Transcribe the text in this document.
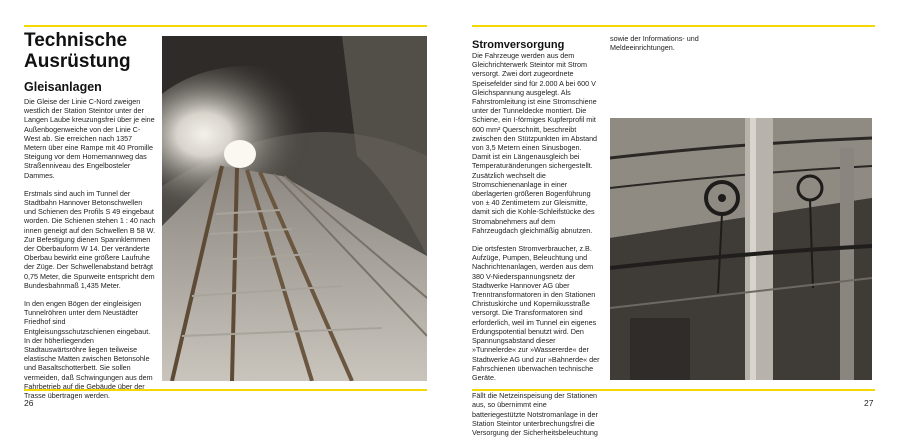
Technische Ausrüstung
Gleisanlagen

Die Gleise der Linie C-Nord zweigen westlich der Station Steintor unter der Langen Laube kreuzungsfrei über je eine Außenbogenweiche von der Linie C-West ab. Sie erreichen nach 1357 Metern über eine Rampe mit 40 Promille Steigung vor dem Hornemannweg das Straßenniveau des Engelbosteler Dammes.

Erstmals sind auch im Tunnel der Stadtbahn Hannover Betonschwellen und Schienen des Profils S 49 eingebaut worden. Die Schienen stehen 1 : 40 nach innen geneigt auf den Schwellen B 58 W. Zur Befestigung dienen Spannklemmen der Oberbauform W 14. Der veränderte Oberbau bewirkt eine größere Laufruhe der Züge. Der Schwellenabstand beträgt 0,75 Meter, die Spurweite entspricht dem Bundesbahnmaß 1,435 Meter.

In den engen Bögen der eingleisigen Tunnelröhren unter dem Neustädter Friedhof sind Entgleisungsschutzschienen eingebaut. In der höherliegenden Stadtauswärtsröhre liegen teilweise elastische Matten zwischen Betonsohle und Basaltschotterbett. Sie sollen vermeiden, daß Schwingungen aus dem Fahrbetrieb auf die Gebäude über der Trasse übertragen werden.

26
Stromversorgung

Die Fahrzeuge werden aus dem Gleichrichterwerk Steintor mit Strom versorgt. Zwei dort zugeordnete Speisefelder sind für 2.000 A bei 600 V Gleichspannung ausgelegt. Als Fahrstromleitung ist eine Stromschiene unter der Tunneldecke montiert. Die Schiene, ein I-förmiges Kupferprofil mit 600 mm² Querschnitt, beschreibt zwischen den Stützpunkten im Abstand von 3,5 Metern einen Sinusbogen. Damit ist ein Längenausgleich bei Temperaturänderungen sichergestellt. Zusätzlich wechselt die Stromschienenanlage in einer überlagerten größeren Bogenführung von ± 40 Zentimetern zur Gleismitte, damit sich die Kohle-Schleifstücke des Stromabnehmers auf dem Fahrzeugdach gleichmäßig abnutzen.

Die ortsfesten Stromverbraucher, z.B. Aufzüge, Pumpen, Beleuchtung und Nachrichtenanlagen, werden aus dem 380 V-Niederspannungsnetz der Stadtwerke Hannover AG über Trenntransformatoren in den Stationen Christuskirche und Kopernikusstraße versorgt. Die Transformatoren sind erforderlich, weil im Tunnel ein eigenes Erdungspotential benutzt wird. Den Spannungsabstand dieser »Tunnelerde« zur »Wassererde« der Stadtwerke AG und zur »Bahnerde« der Fahrschienen überwachen technische Geräte.

Fällt die Netzeinspeisung der Stationen aus, so übernimmt eine batteriegestützte Notstromanlage in der Station Steintor unterbrechungsfrei die Versorgung der Sicherheitsbeleuchtung

sowie der Informations- und Meldeeinrichtungen.

27
